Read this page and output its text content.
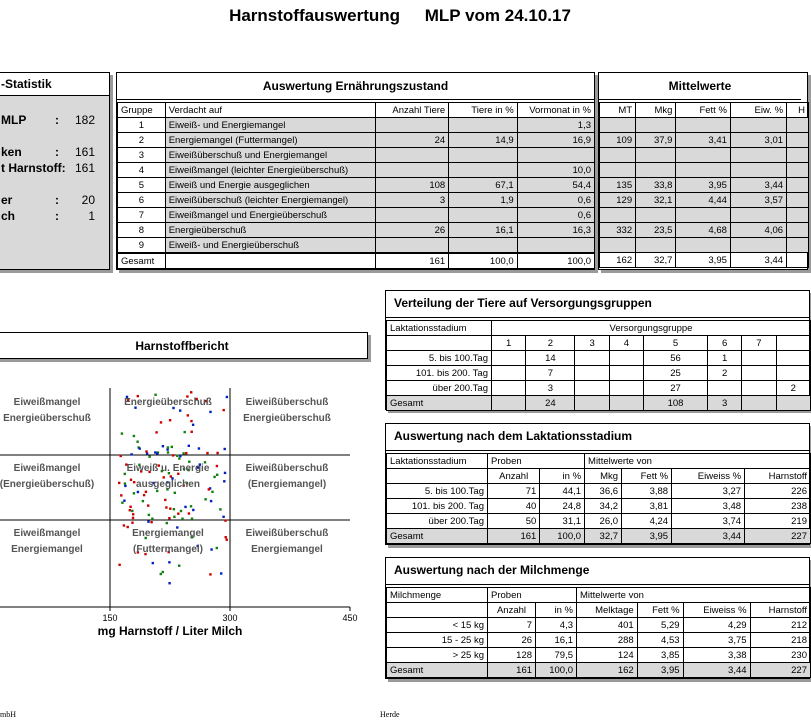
Harnstoffauswertung MLP vom 24.10.17
-Statistik
MLP :	182
ken	:	161
t Harnstoff: 161
er	:	20
ch	:	1
Auswertung Ernährungszustand
Gruppe	Verdacht auf	Anzahl Tiere	Tiere in %	Vormonat in %
1	Eiweiß- und Energiemangel			1,3
2	Energiemangel (Futtermangel)	24	14,9	16,9
3	Eiweißüberschuß und Energiemangel			
4	Eiweißmangel (leichter Energieüberschuß)			10,0
5	Eiweiß und Energie ausgeglichen	108	67,1	54,4
6	Eiweißüberschuß (leichter Energiemangel)	3	1,9	0,6
7	Eiweißmangel und Energieüberschuß			0,6
8	Energieüberschuß	26	16,1	16,3
9	Eiweiß- und Energieüberschuß			
Gesamt		161	100,0	100,0
Mittelwerte
MT	Mkg	Fett %	Eiw. %	H

109	37,9	3,41	3,01	

135	33,8	3,95	3,44	
129	32,1	4,44	3,57	

332	23,5	4,68	4,06	

162	32,7	3,95	3,44	
Harnstoffbericht
150	300	450
mg Harnstoff / Liter Milch
Eiweißmangel
Energieüberschuß
Energieüberschuß	Eiweißüberschuß
Energieüberschuß
Eiweißmangel
(Energieüberschuß)
Eiweiß u. Energie
ausgeglichen
Eiweißüberschuß
(Energiemangel)
Eiweißmangel
Energiemangel
Energiemangel
(Futtermangel)
Eiweißüberschuß
Energiemangel
Verteilung der Tiere auf Versorgungsgruppen
Laktationsstadium	Versorgungsgruppe							
	1	2	3	4	5	6	7	
5. bis 100.Tag		14			56	1		
101. bis 200. Tag		7			25	2		
über 200.Tag		3			27			2
Gesamt		24			108	3		
Auswertung nach dem Laktationsstadium
Laktationsstadium	Proben		Mittelwerte von			
	Anzahl	in %	Mkg	Fett %	Eiweiss %	Harnstoff
5. bis 100.Tag	71	44,1	36,6	3,88	3,27	226
101. bis 200. Tag	40	24,8	34,2	3,81	3,48	238
über 200.Tag	50	31,1	26,0	4,24	3,74	219
Gesamt	161	100,0	32,7	3,95	3,44	227
Auswertung nach der Milchmenge
Milchmenge	Proben		Mittelwerte von			
	Anzahl	in %	Melktage	Fett %	Eiweiss %	Harnstoff
< 15 kg	7	4,3	401	5,29	4,29	212
15 - 25 kg	26	16,1	288	4,53	3,75	218
> 25 kg	128	79,5	124	3,85	3,38	230
Gesamt	161	100,0	162	3,95	3,44	227
mbH	Herde
